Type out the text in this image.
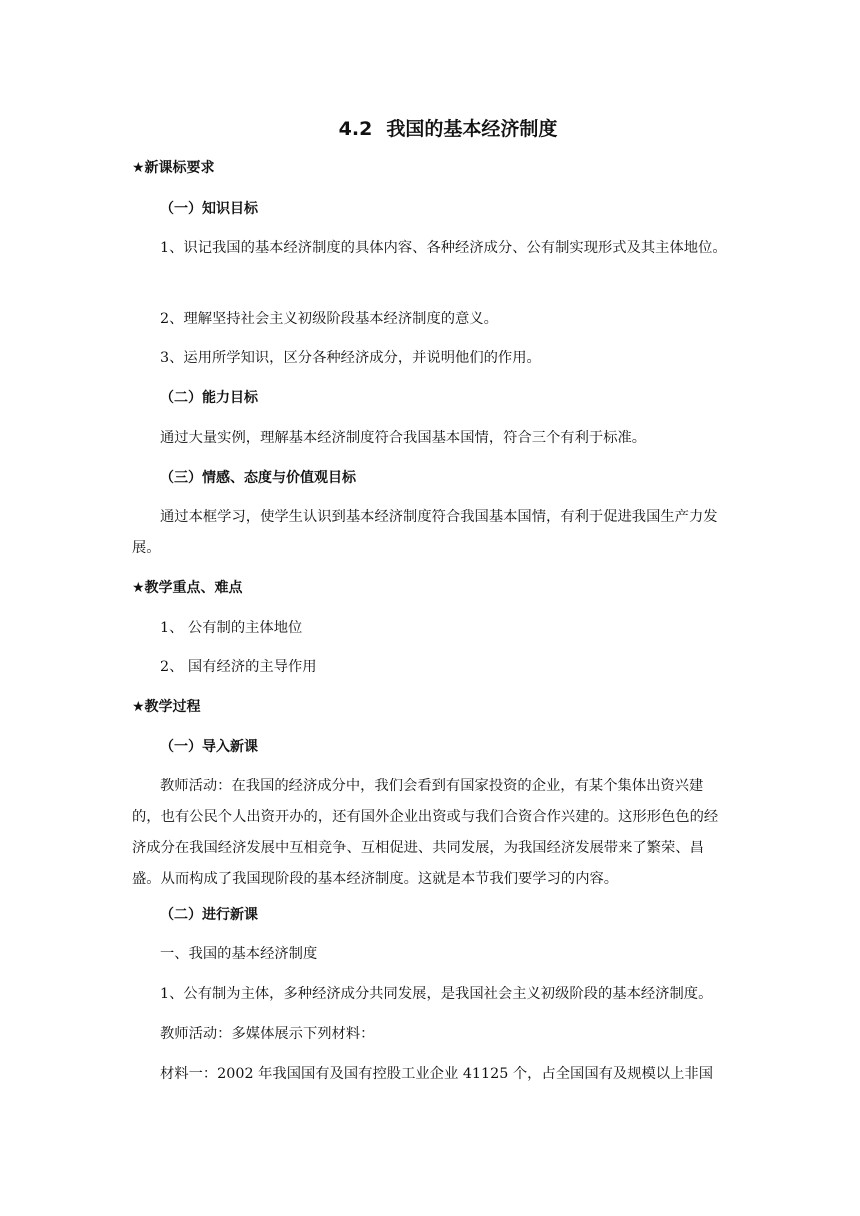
4.2 我国的基本经济制度
★新课标要求
（一）知识目标
1、识记我国的基本经济制度的具体内容、各种经济成分、公有制实现形式及其主体地位。
2、理解坚持社会主义初级阶段基本经济制度的意义。
3、运用所学知识，区分各种经济成分，并说明他们的作用。
（二）能力目标
通过大量实例，理解基本经济制度符合我国基本国情，符合三个有利于标准。
（三）情感、态度与价值观目标
通过本框学习，使学生认识到基本经济制度符合我国基本国情，有利于促进我国生产力发展。
★教学重点、难点
1、 公有制的主体地位
2、 国有经济的主导作用
★教学过程
（一）导入新课
教师活动：在我国的经济成分中，我们会看到有国家投资的企业，有某个集体出资兴建的，也有公民个人出资开办的，还有国外企业出资或与我们合资合作兴建的。这形形色色的经济成分在我国经济发展中互相竞争、互相促进、共同发展，为我国经济发展带来了繁荣、昌盛。从而构成了我国现阶段的基本经济制度。这就是本节我们要学习的内容。
（二）进行新课
一、我国的基本经济制度
1、公有制为主体，多种经济成分共同发展，是我国社会主义初级阶段的基本经济制度。
教师活动：多媒体展示下列材料：
材料一：2002 年我国国有及国有控股工业企业 41125 个，占全国国有及规模以上非国
